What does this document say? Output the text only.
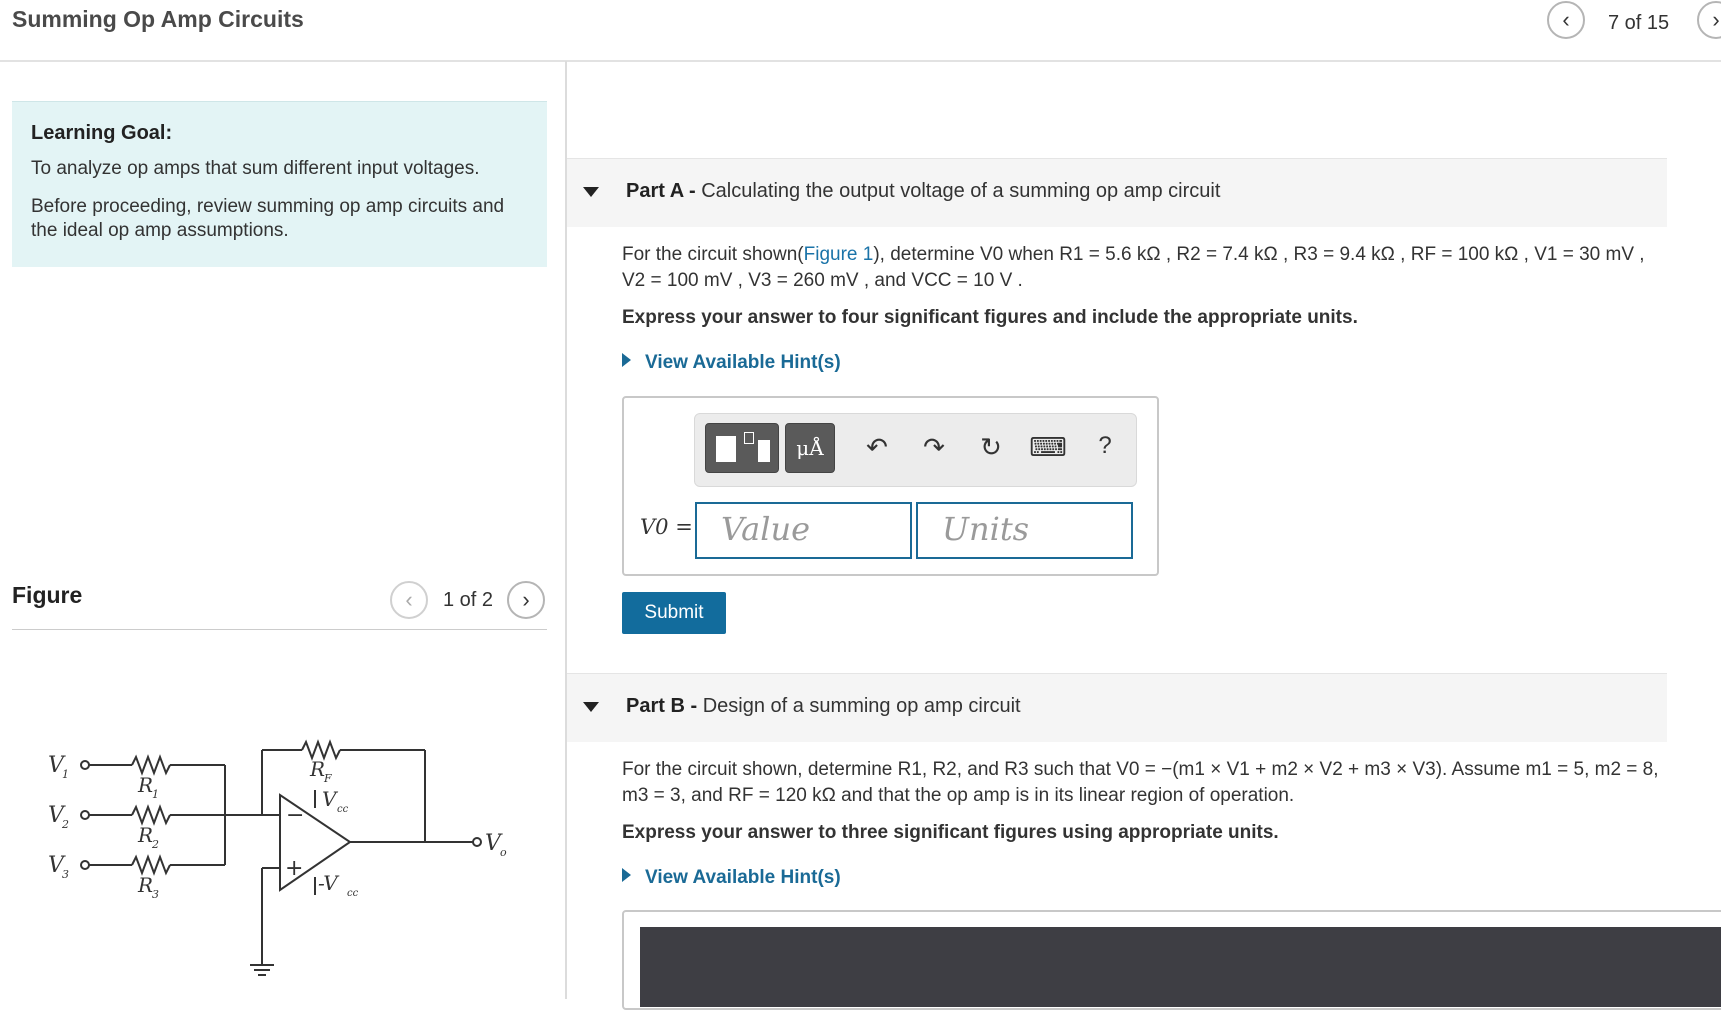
Summing Op Amp Circuits	‹ 7 of 15 ›
Learning Goal:

To analyze op amps that sum different input voltages.

Before proceeding, review summing op amp circuits and the ideal op amp assumptions.

Figure	‹ 1 of 2 ›
V
1
V
2
V
3
R
1
R
2
R
3
R
F
V cc
-V cc
V o
−
+
Part A - Calculating the output voltage of a summing op amp circuit
For the circuit shown(Figure 1), determine V0 when R1 = 5.6 kΩ , R2 = 7.4 kΩ , R3 = 9.4 kΩ , RF = 100 kΩ , V1 = 30 mV , V2 = 100 mV , V3 = 260 mV , and VCC = 10 V .
Express your answer to four significant figures and include the appropriate units.
View Available Hint(s)
μÅ	↶	↷	↻	⌨	?
V0 = Value	Units
Submit
Part B - Design of a summing op amp circuit
For the circuit shown, determine R1, R2, and R3 such that V0 = −(m1 × V1 + m2 × V2 + m3 × V3). Assume m1 = 5, m2 = 8, m3 = 3, and RF = 120 kΩ and that the op amp is in its linear region of operation.
Express your answer to three significant figures using appropriate units.
View Available Hint(s)
